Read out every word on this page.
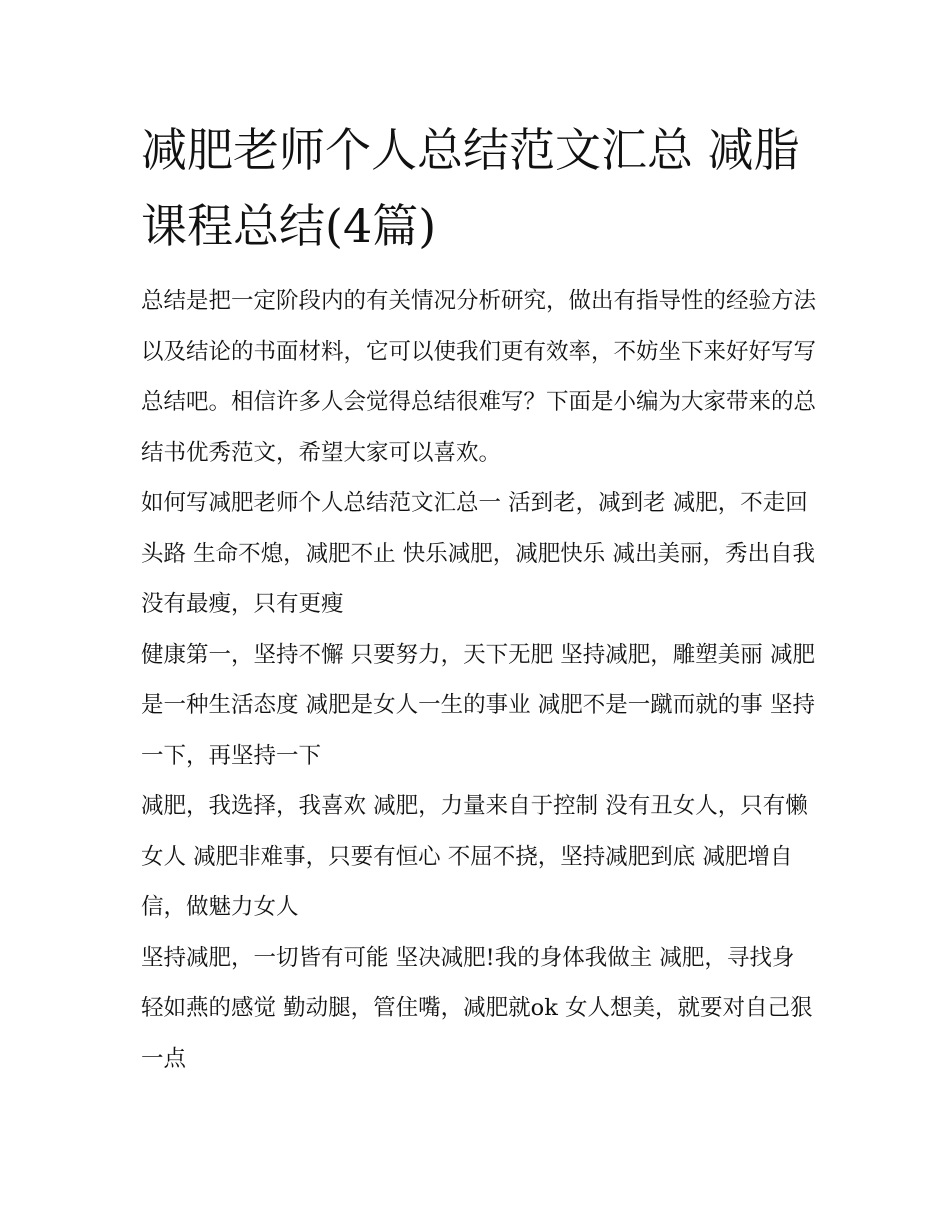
减肥老师个人总结范文汇总 减脂课程总结(4篇)

总结是把一定阶段内的有关情况分析研究，做出有指导性的经验方法以及结论的书面材料，它可以使我们更有效率，不妨坐下来好好写写总结吧。相信许多人会觉得总结很难写？下面是小编为大家带来的总结书优秀范文，希望大家可以喜欢。

如何写减肥老师个人总结范文汇总一 活到老，减到老 减肥，不走回头路 生命不熄，减肥不止 快乐减肥，减肥快乐 减出美丽，秀出自我 没有最瘦，只有更瘦

健康第一，坚持不懈 只要努力，天下无肥 坚持减肥，雕塑美丽 减肥是一种生活态度 减肥是女人一生的事业 减肥不是一蹴而就的事 坚持一下，再坚持一下

减肥，我选择，我喜欢 减肥，力量来自于控制 没有丑女人，只有懒女人 减肥非难事，只要有恒心 不屈不挠，坚持减肥到底 减肥增自信，做魅力女人

坚持减肥，一切皆有可能 坚决减肥!我的身体我做主 减肥，寻找身轻如燕的感觉 勤动腿，管住嘴，减肥就ok 女人想美，就要对自己狠一点
